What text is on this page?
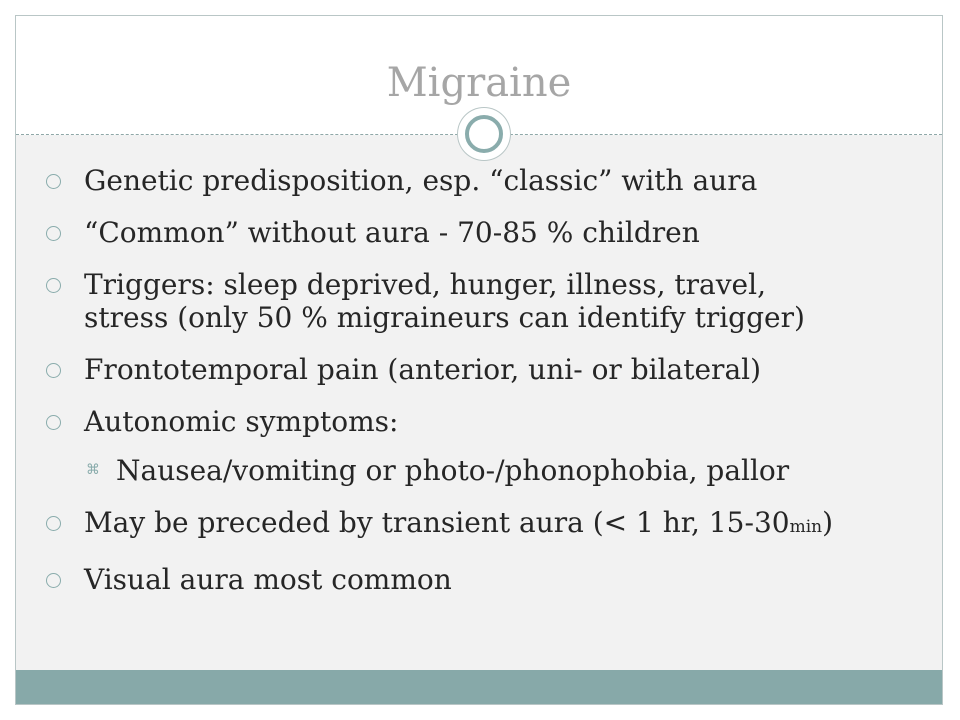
Migraine
Genetic predisposition, esp. “classic” with aura
“Common” without aura - 70-85 % children
Triggers: sleep deprived, hunger, illness, travel,
stress (only 50 % migraineurs can identify trigger)
Frontotemporal pain (anterior, uni- or bilateral)
Autonomic symptoms:
⌘ Nausea/vomiting or photo-/phonophobia, pallor
May be preceded by transient aura (< 1 hr, 15-30min)
Visual aura most common
